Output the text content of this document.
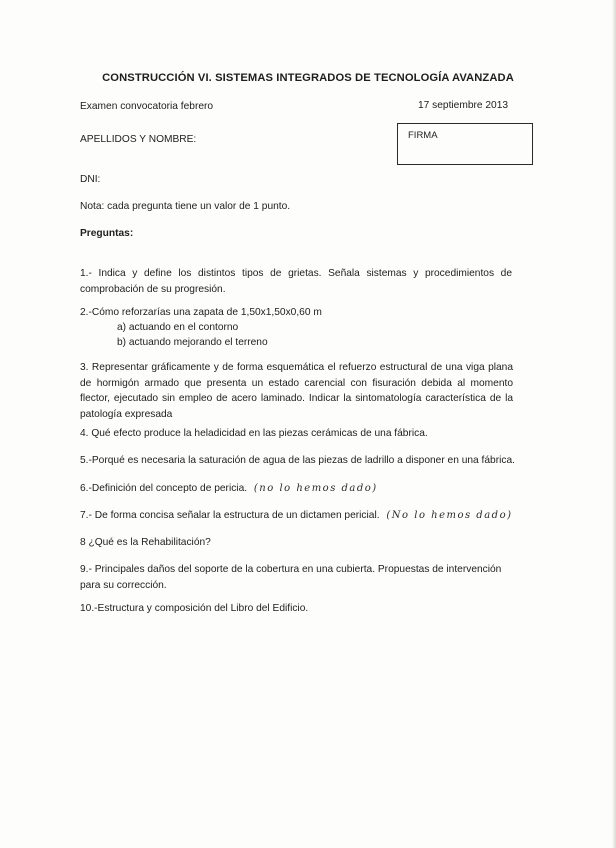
CONSTRUCCIÓN VI. SISTEMAS INTEGRADOS DE TECNOLOGÍA AVANZADA
Examen convocatoria febrero	17 septiembre 2013
APELLIDOS Y NOMBRE:	FIRMA
DNI:
Nota: cada pregunta tiene un valor de 1 punto.
Preguntas:
1.- Indica y define los distintos tipos de grietas. Señala sistemas y procedimientos de comprobación de su progresión.
2.-Cómo reforzarías una zapata de 1,50x1,50x0,60 m
a) actuando en el contorno
b) actuando mejorando el terreno
3. Representar gráficamente y de forma esquemática el refuerzo estructural de una viga plana de hormigón armado que presenta un estado carencial con fisuración debida al momento flector, ejecutado sin empleo de acero laminado. Indicar la sintomatología característica de la patología expresada
4. Qué efecto produce la heladicidad en las piezas cerámicas de una fábrica.
5.-Porqué es necesaria la saturación de agua de las piezas de ladrillo a disponer en una fábrica.
6.-Definición del concepto de pericia. (no lo hemos dado)
7.- De forma concisa señalar la estructura de un dictamen pericial. (No lo hemos dado)
8 ¿Qué es la Rehabilitación?
9.- Principales daños del soporte de la cobertura en una cubierta. Propuestas de intervención para su corrección.
10.-Estructura y composición del Libro del Edificio.
